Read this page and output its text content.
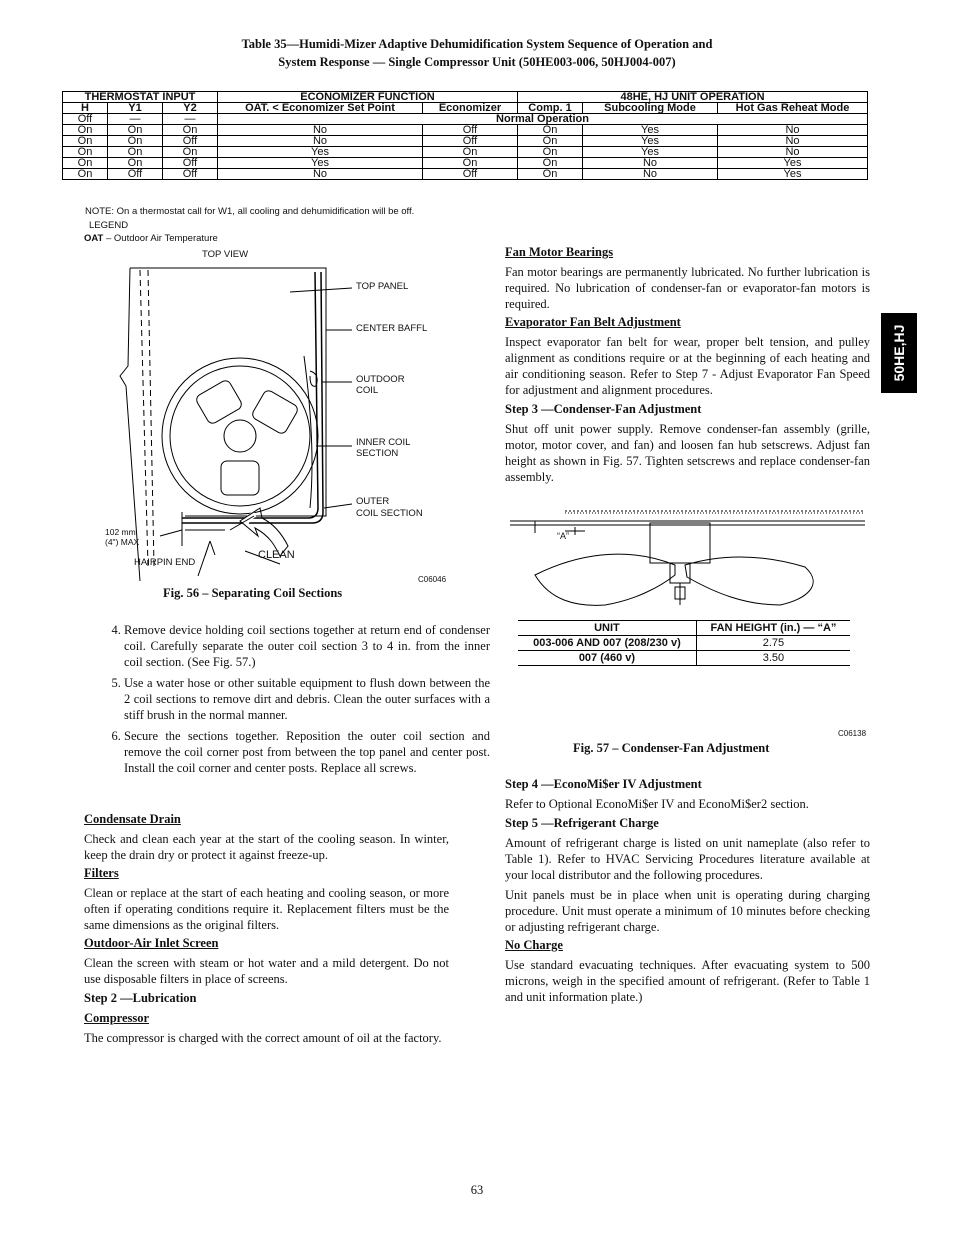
Table 35—Humidi-Mizer Adaptive Dehumidification System Sequence of Operation and
System Response — Single Compressor Unit (50HE003-006, 50HJ004-007)
THERMOSTAT INPUT			ECONOMIZER FUNCTION		48HE, HJ UNIT OPERATION		
H	Y1	Y2	OAT. < Economizer Set Point	Economizer	Comp. 1	Subcooling Mode	Hot Gas Reheat Mode
Off	—	—	Normal Operation				
On	On	On	No	Off	On	Yes	No
On	On	Off	No	Off	On	Yes	No
On	On	On	Yes	On	On	Yes	No
On	On	Off	Yes	On	On	No	Yes
On	Off	Off	No	Off	On	No	Yes
NOTE: On a thermostat call for W1, all cooling and dehumidification will be off.
LEGEND
OAT – Outdoor Air Temperature
TOP VIEW
TOP PANEL
CENTER BAFFL
OUTDOOR
COIL
INNER COIL
SECTION
OUTER
COIL SECTION
102 mm
(4") MAX
CLEAN
HAIRPIN END
C06046
Fig. 56 – Separating Coil Sections
4. Remove device holding coil sections together at return end of condenser coil. Carefully separate the outer coil section 3 to 4 in. from the inner coil section. (See Fig. 57.)
5. Use a water hose or other suitable equipment to flush down between the 2 coil sections to remove dirt and debris. Clean the outer surfaces with a stiff brush in the normal manner.
6. Secure the sections together. Reposition the outer coil section and remove the coil corner post from between the top panel and center post. Install the coil corner and center posts. Replace all screws.
Condensate Drain
Check and clean each year at the start of the cooling season. In winter, keep the drain dry or protect it against freeze-up.
Filters
Clean or replace at the start of each heating and cooling season, or more often if operating conditions require it. Replacement filters must be the same dimensions as the original filters.
Outdoor-Air Inlet Screen
Clean the screen with steam or hot water and a mild detergent. Do not use disposable filters in place of screens.
Step 2 —Lubrication
Compressor
The compressor is charged with the correct amount of oil at the factory.
Fan Motor Bearings
Fan motor bearings are permanently lubricated. No further lubrication is required. No lubrication of condenser-fan or evaporator-fan motors is required.
Evaporator Fan Belt Adjustment
Inspect evaporator fan belt for wear, proper belt tension, and pulley alignment as conditions require or at the beginning of each heating and air conditioning season. Refer to Step 7 - Adjust Evaporator Fan Speed for adjustment and alignment procedures.
Step 3 —Condenser-Fan Adjustment
Shut off unit power supply. Remove condenser-fan assembly (grille, motor, motor cover, and fan) and loosen fan hub setscrews. Adjust fan height as shown in Fig. 57. Tighten setscrews and replace condenser-fan assembly.
“A”
UNIT	FAN HEIGHT (in.) — “A”
003-006 AND 007 (208/230 v)	2.75
007 (460 v)	3.50
C06138
Fig. 57 – Condenser-Fan Adjustment
Step 4 —EconoMi$er IV Adjustment
Refer to Optional EconoMi$er IV and EconoMi$er2 section.
Step 5 —Refrigerant Charge
Amount of refrigerant charge is listed on unit nameplate (also refer to Table 1). Refer to HVAC Servicing Procedures literature available at your local distributor and the following procedures.
Unit panels must be in place when unit is operating during charging procedure. Unit must operate a minimum of 10 minutes before checking or adjusting refrigerant charge.
No Charge
Use standard evacuating techniques. After evacuating system to 500 microns, weigh in the specified amount of refrigerant. (Refer to Table 1 and unit information plate.)
50HE,HJ
63
